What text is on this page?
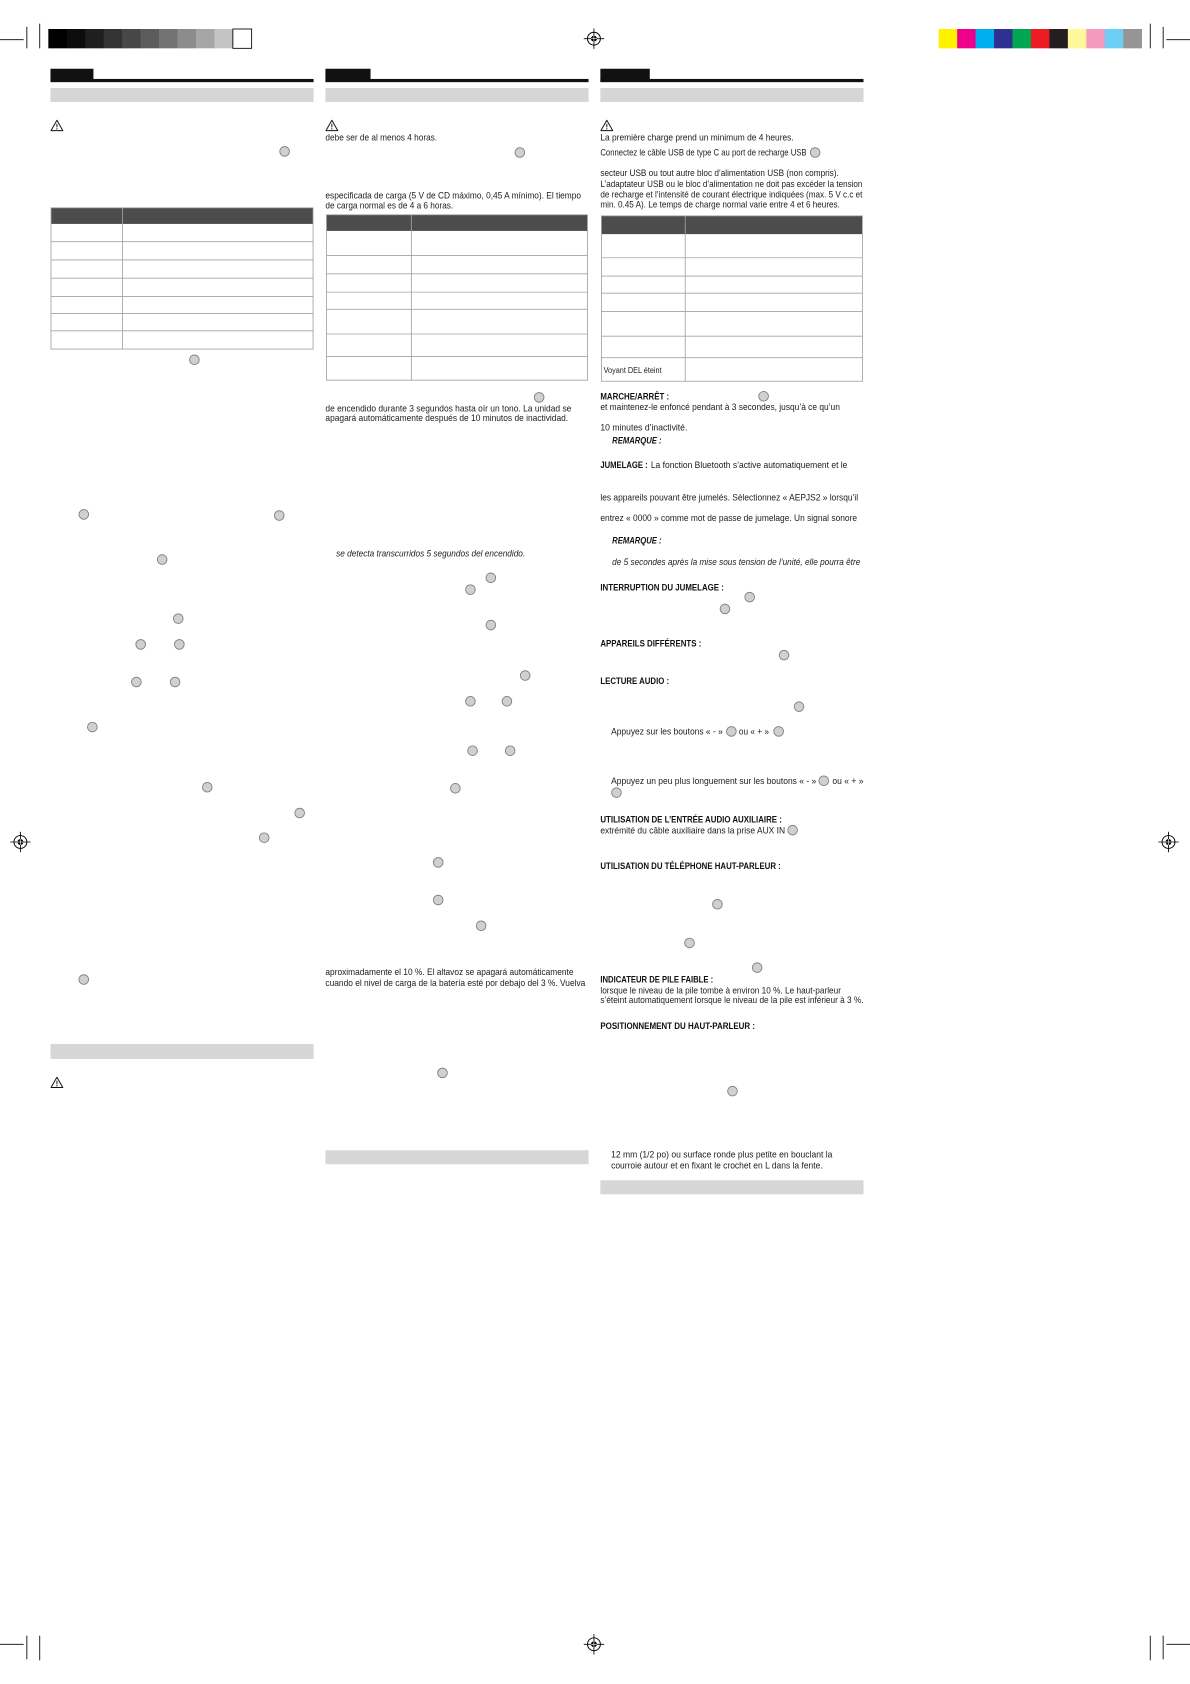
debe ser de al menos 4 horas.
especificada de carga (5 V de CD máximo, 0,45 A mínimo). El tiempo
de carga normal es de 4 a 6 horas.
de encendido durante 3 segundos hasta oír un tono. La unidad se
apagará automáticamente después de 10 minutos de inactividad.
se detecta transcurridos 5 segundos del encendido.
aproximadamente el 10 %. El altavoz se apagará automáticamente
cuando el nivel de carga de la batería esté por debajo del 3 %. Vuelva
La première charge prend un minimum de 4 heures.
Connectez le câble USB de type C au port de recharge USB
secteur USB ou tout autre bloc d’alimentation USB (non compris).
L’adaptateur USB ou le bloc d’alimentation ne doit pas excéder la tension
de recharge et l’intensité de courant électrique indiquées (max. 5 V c.c et
min. 0.45 A). Le temps de charge normal varie entre 4 et 6 heures.
Voyant DEL éteint
MARCHE/ARRÊT :
et maintenez-le enfoncé pendant à 3 secondes, jusqu’à ce qu’un
10 minutes d’inactivité.
REMARQUE :
JUMELAGE : La fonction Bluetooth s’active automatiquement et le
les appareils pouvant être jumelés. Sélectionnez « AEPJS2 » lorsqu’il
entrez « 0000 » comme mot de passe de jumelage. Un signal sonore
REMARQUE :
de 5 secondes après la mise sous tension de l’unité, elle pourra être
INTERRUPTION DU JUMELAGE :
APPAREILS DIFFÉRENTS :
LECTURE AUDIO :
Appuyez sur les boutons « - » ou « + »
Appuyez un peu plus longuement sur les boutons « - » ou « + »
UTILISATION DE L’ENTRÉE AUDIO AUXILIAIRE :
extrémité du câble auxiliaire dans la prise AUX IN
UTILISATION DU TÉLÉPHONE HAUT-PARLEUR :
INDICATEUR DE PILE FAIBLE :
lorsque le niveau de la pile tombe à environ 10 %. Le haut-parleur
s’éteint automatiquement lorsque le niveau de la pile est inférieur à 3 %.
POSITIONNEMENT DU HAUT-PARLEUR :
12 mm (1/2 po) ou surface ronde plus petite en bouclant la
courroie autour et en fixant le crochet en L dans la fente.
